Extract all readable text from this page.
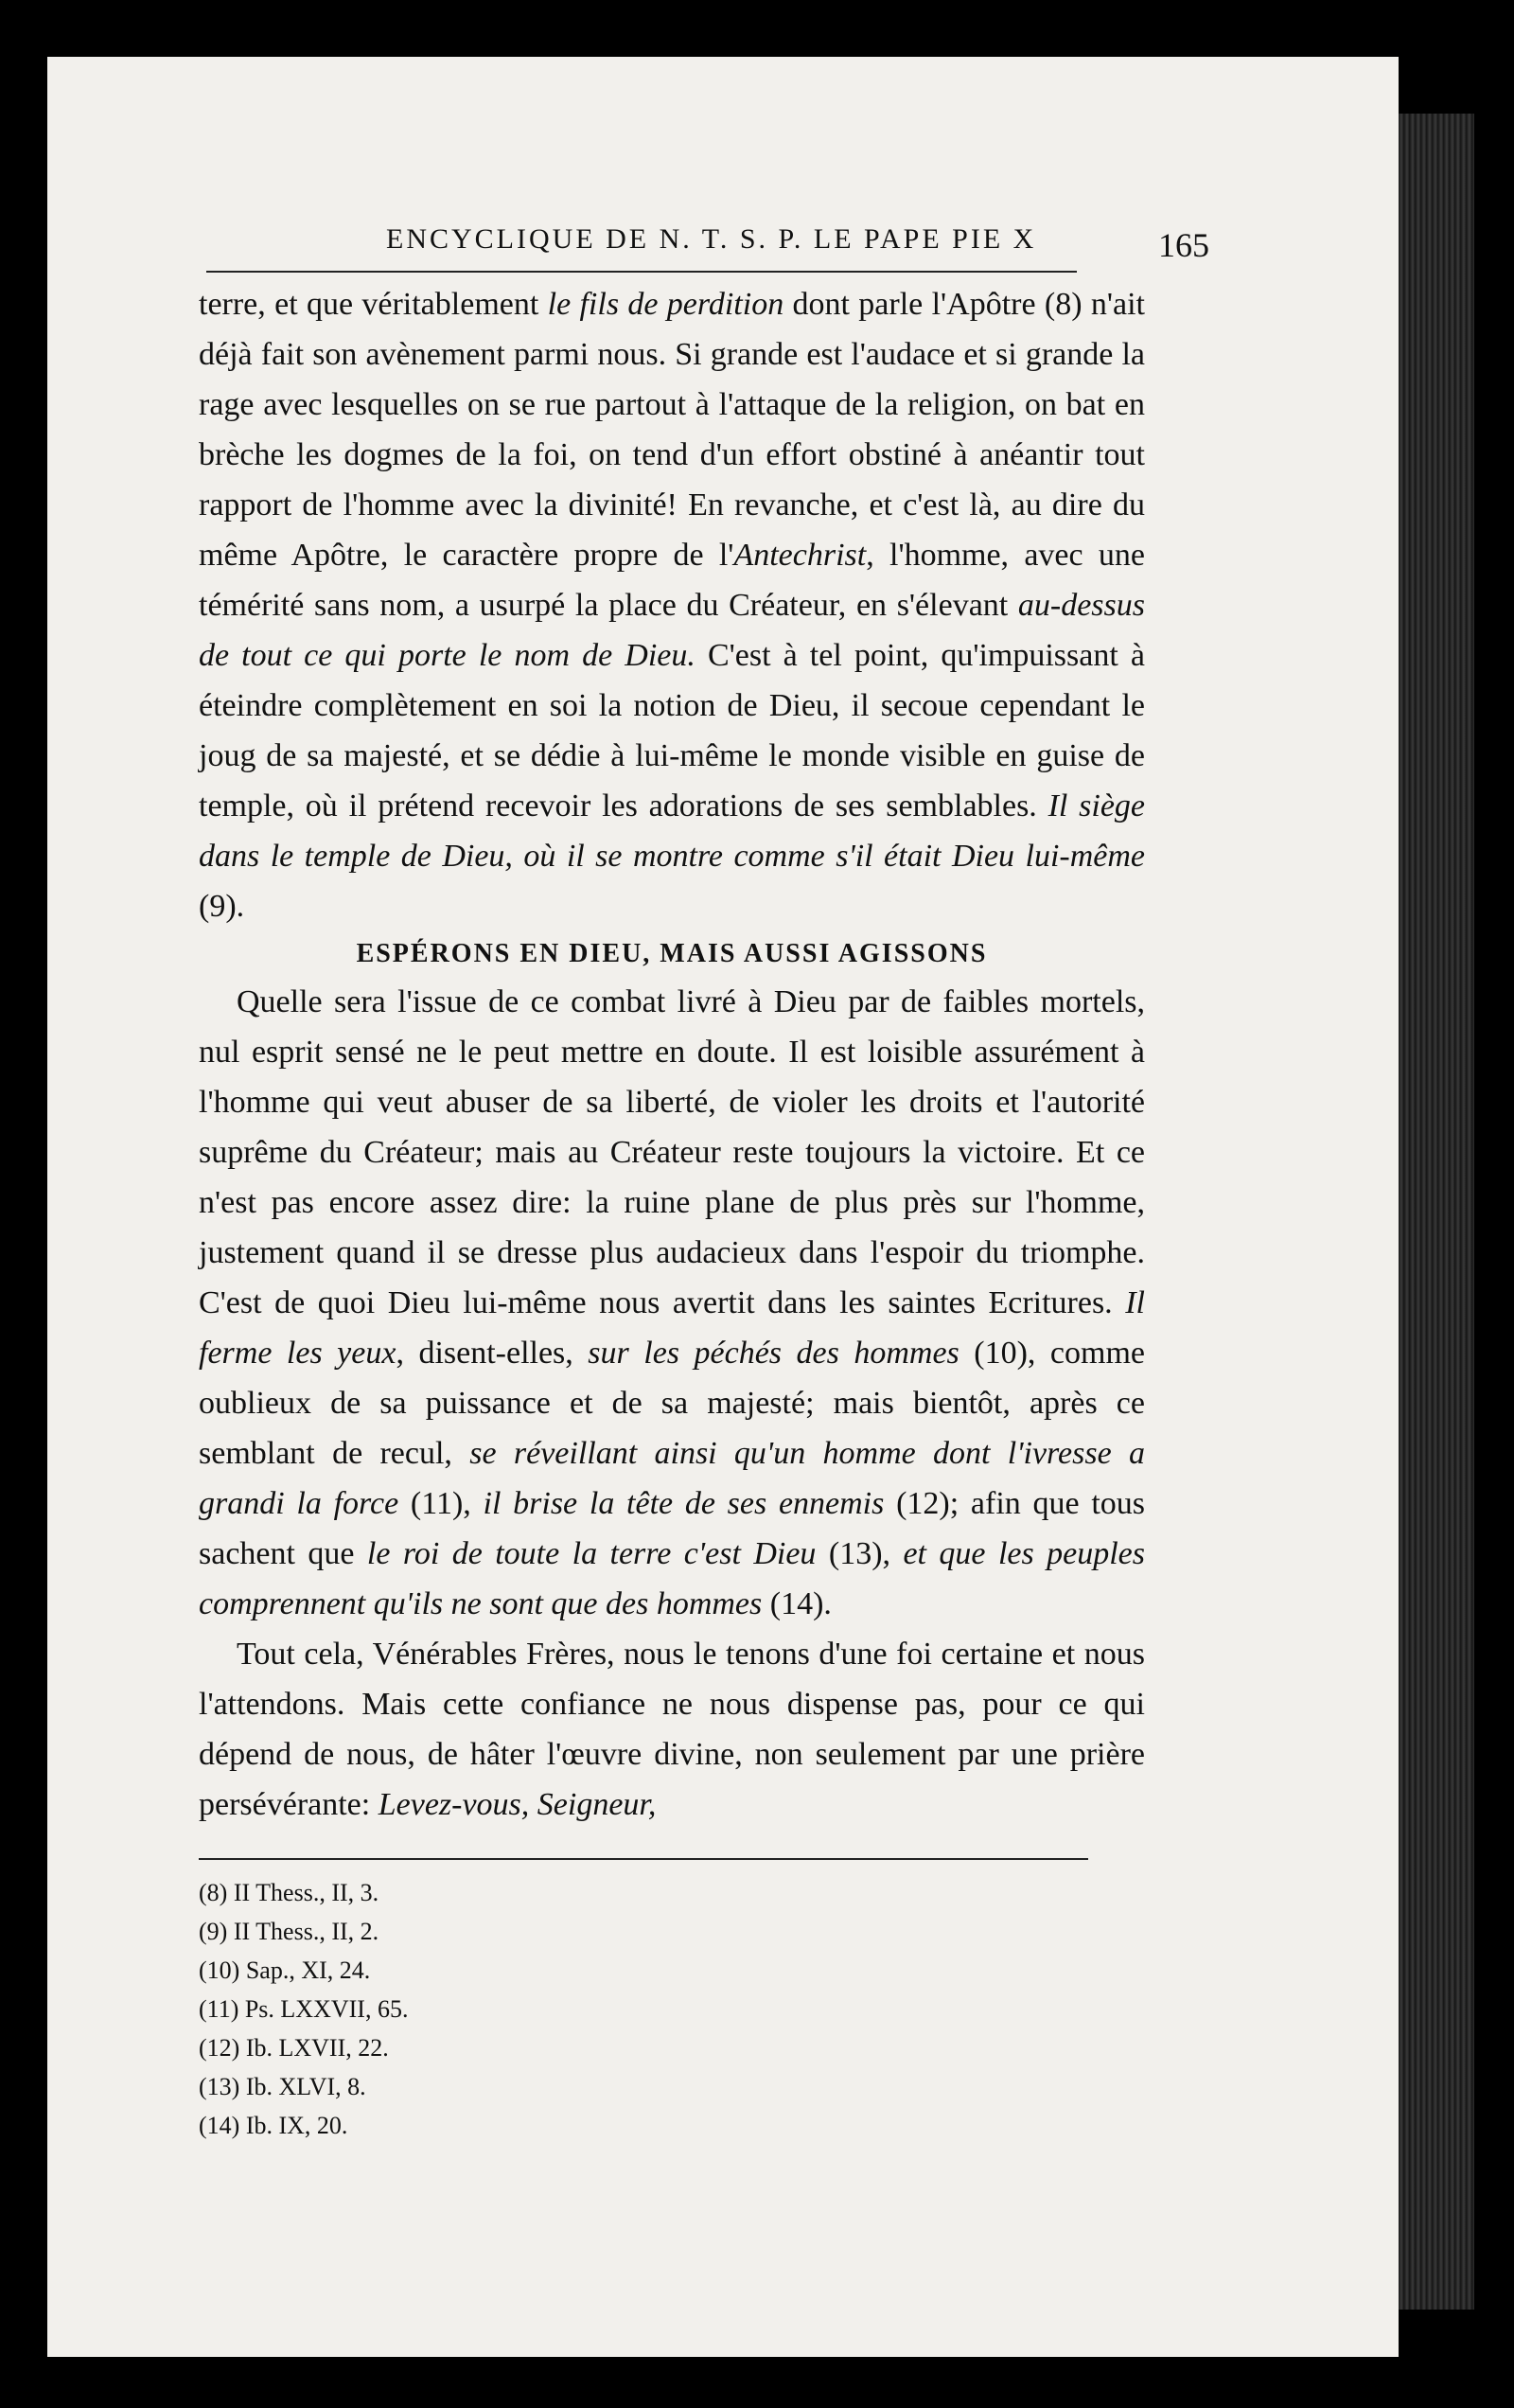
ENCYCLIQUE DE N. T. S. P. LE PAPE PIE X	165

terre, et que véritablement le fils de perdition dont parle l'Apôtre (8) n'ait déjà fait son avènement parmi nous. Si grande est l'audace et si grande la rage avec lesquelles on se rue partout à l'attaque de la religion, on bat en brèche les dogmes de la foi, on tend d'un effort obstiné à anéantir tout rapport de l'homme avec la divinité! En revanche, et c'est là, au dire du même Apôtre, le caractère propre de l'Antechrist, l'homme, avec une témérité sans nom, a usurpé la place du Créateur, en s'élevant au-dessus de tout ce qui porte le nom de Dieu. C'est à tel point, qu'impuissant à éteindre complètement en soi la notion de Dieu, il secoue cependant le joug de sa majesté, et se dédie à lui-même le monde visible en guise de temple, où il prétend recevoir les adorations de ses semblables. Il siège dans le temple de Dieu, où il se montre comme s'il était Dieu lui-même (9).

ESPÉRONS EN DIEU, MAIS AUSSI AGISSONS

Quelle sera l'issue de ce combat livré à Dieu par de faibles mortels, nul esprit sensé ne le peut mettre en doute. Il est loisible assurément à l'homme qui veut abuser de sa liberté, de violer les droits et l'autorité suprême du Créateur; mais au Créateur reste toujours la victoire. Et ce n'est pas encore assez dire: la ruine plane de plus près sur l'homme, justement quand il se dresse plus audacieux dans l'espoir du triomphe. C'est de quoi Dieu lui-même nous avertit dans les saintes Ecritures. Il ferme les yeux, disent-elles, sur les péchés des hommes (10), comme oublieux de sa puissance et de sa majesté; mais bientôt, après ce semblant de recul, se réveillant ainsi qu'un homme dont l'ivresse a grandi la force (11), il brise la tête de ses ennemis (12); afin que tous sachent que le roi de toute la terre c'est Dieu (13), et que les peuples comprennent qu'ils ne sont que des hommes (14).

Tout cela, Vénérables Frères, nous le tenons d'une foi certaine et nous l'attendons. Mais cette confiance ne nous dispense pas, pour ce qui dépend de nous, de hâter l'œuvre divine, non seulement par une prière persévérante: Levez-vous, Seigneur,

(8) II Thess., II, 3.
(9) II Thess., II, 2.
(10) Sap., XI, 24.
(11) Ps. LXXVII, 65.
(12) Ib. LXVII, 22.
(13) Ib. XLVI, 8.
(14) Ib. IX, 20.
